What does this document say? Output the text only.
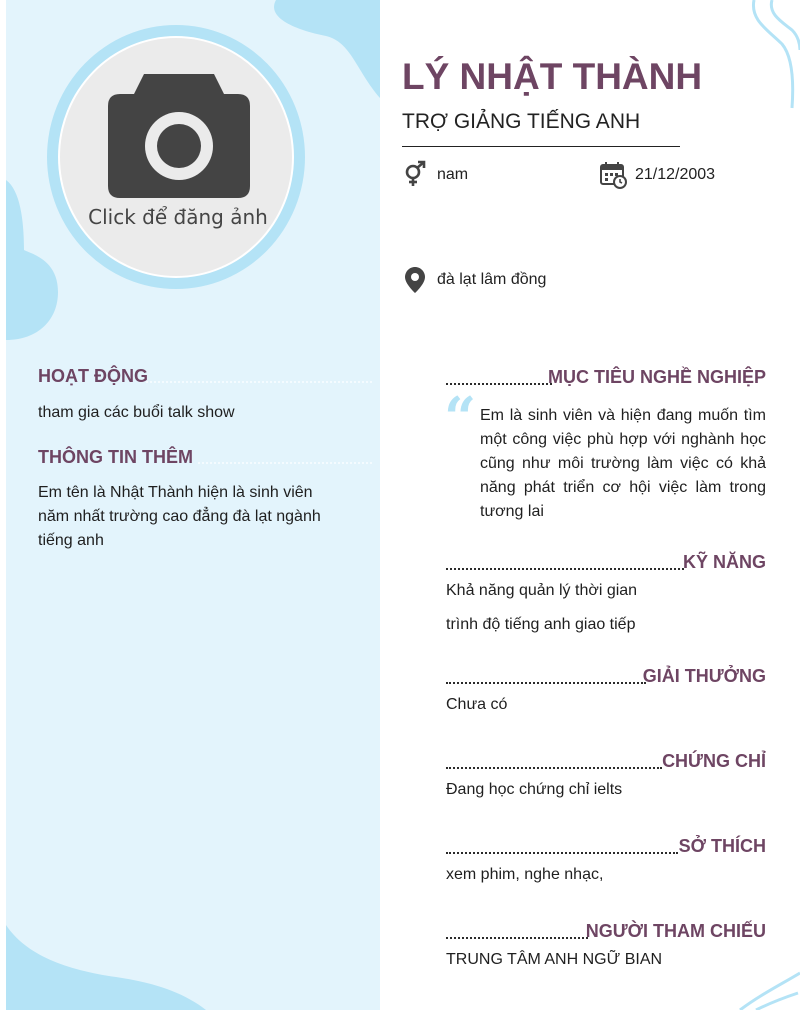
Click để đăng ảnh
HOẠT ĐỘNG
tham gia các buổi talk show
THÔNG TIN THÊM
Em tên là Nhật Thành hiện là sinh viên năm nhất trường cao đẳng đà lạt ngành tiếng anh
LÝ NHẬT THÀNH
TRỢ GIẢNG TIẾNG ANH
nam	21/12/2003
đà lạt lâm đồng
MỤC TIÊU NGHỀ NGHIỆP
“ Em là sinh viên và hiện đang muốn tìm một công việc phù hợp với nghành học cũng như môi trường làm việc có khả năng phát triển cơ hội việc làm trong tương lai
KỸ NĂNG
Khả năng quản lý thời gian
trình độ tiếng anh giao tiếp
GIẢI THƯỞNG
Chưa có
CHỨNG CHỈ
Đang học chứng chỉ ielts
SỞ THÍCH
xem phim, nghe nhạc,
NGƯỜI THAM CHIẾU
TRUNG TÂM ANH NGỮ BIAN
